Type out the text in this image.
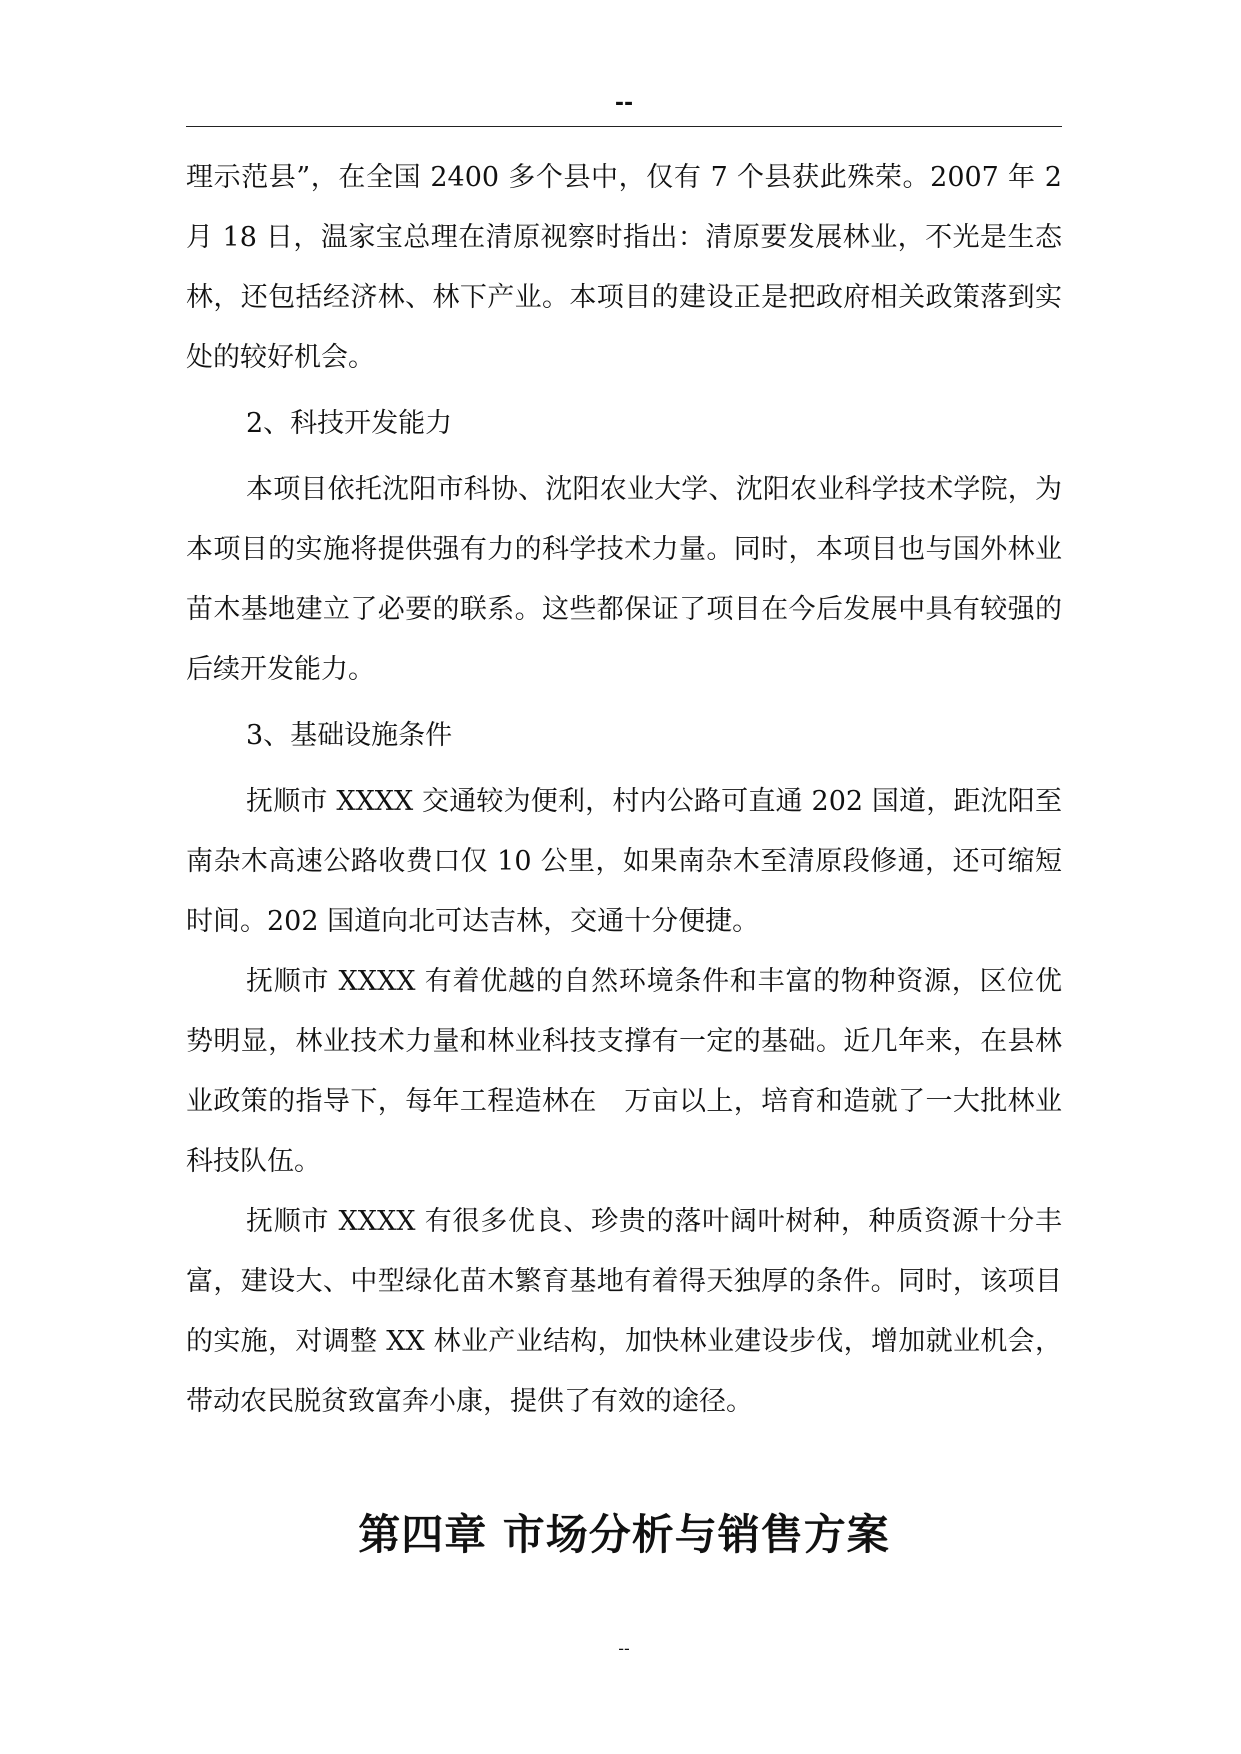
--

理示范县”，在全国 2400 多个县中，仅有 7 个县获此殊荣。2007 年 2 月 18 日，温家宝总理在清原视察时指出：清原要发展林业，不光是生态林，还包括经济林、林下产业。本项目的建设正是把政府相关政策落到实处的较好机会。

2、科技开发能力

本项目依托沈阳市科协、沈阳农业大学、沈阳农业科学技术学院，为本项目的实施将提供强有力的科学技术力量。同时，本项目也与国外林业苗木基地建立了必要的联系。这些都保证了项目在今后发展中具有较强的后续开发能力。

3、基础设施条件

抚顺市 XXXX 交通较为便利，村内公路可直通 202 国道，距沈阳至南杂木高速公路收费口仅 10 公里，如果南杂木至清原段修通，还可缩短时间。202 国道向北可达吉林，交通十分便捷。

抚顺市 XXXX 有着优越的自然环境条件和丰富的物种资源，区位优势明显，林业技术力量和林业科技支撑有一定的基础。近几年来，在县林业政策的指导下，每年工程造林在　万亩以上，培育和造就了一大批林业科技队伍。

抚顺市 XXXX 有很多优良、珍贵的落叶阔叶树种，种质资源十分丰富，建设大、中型绿化苗木繁育基地有着得天独厚的条件。同时，该项目的实施，对调整 XX 林业产业结构，加快林业建设步伐，增加就业机会，带动农民脱贫致富奔小康，提供了有效的途径。

第四章 市场分析与销售方案
--
